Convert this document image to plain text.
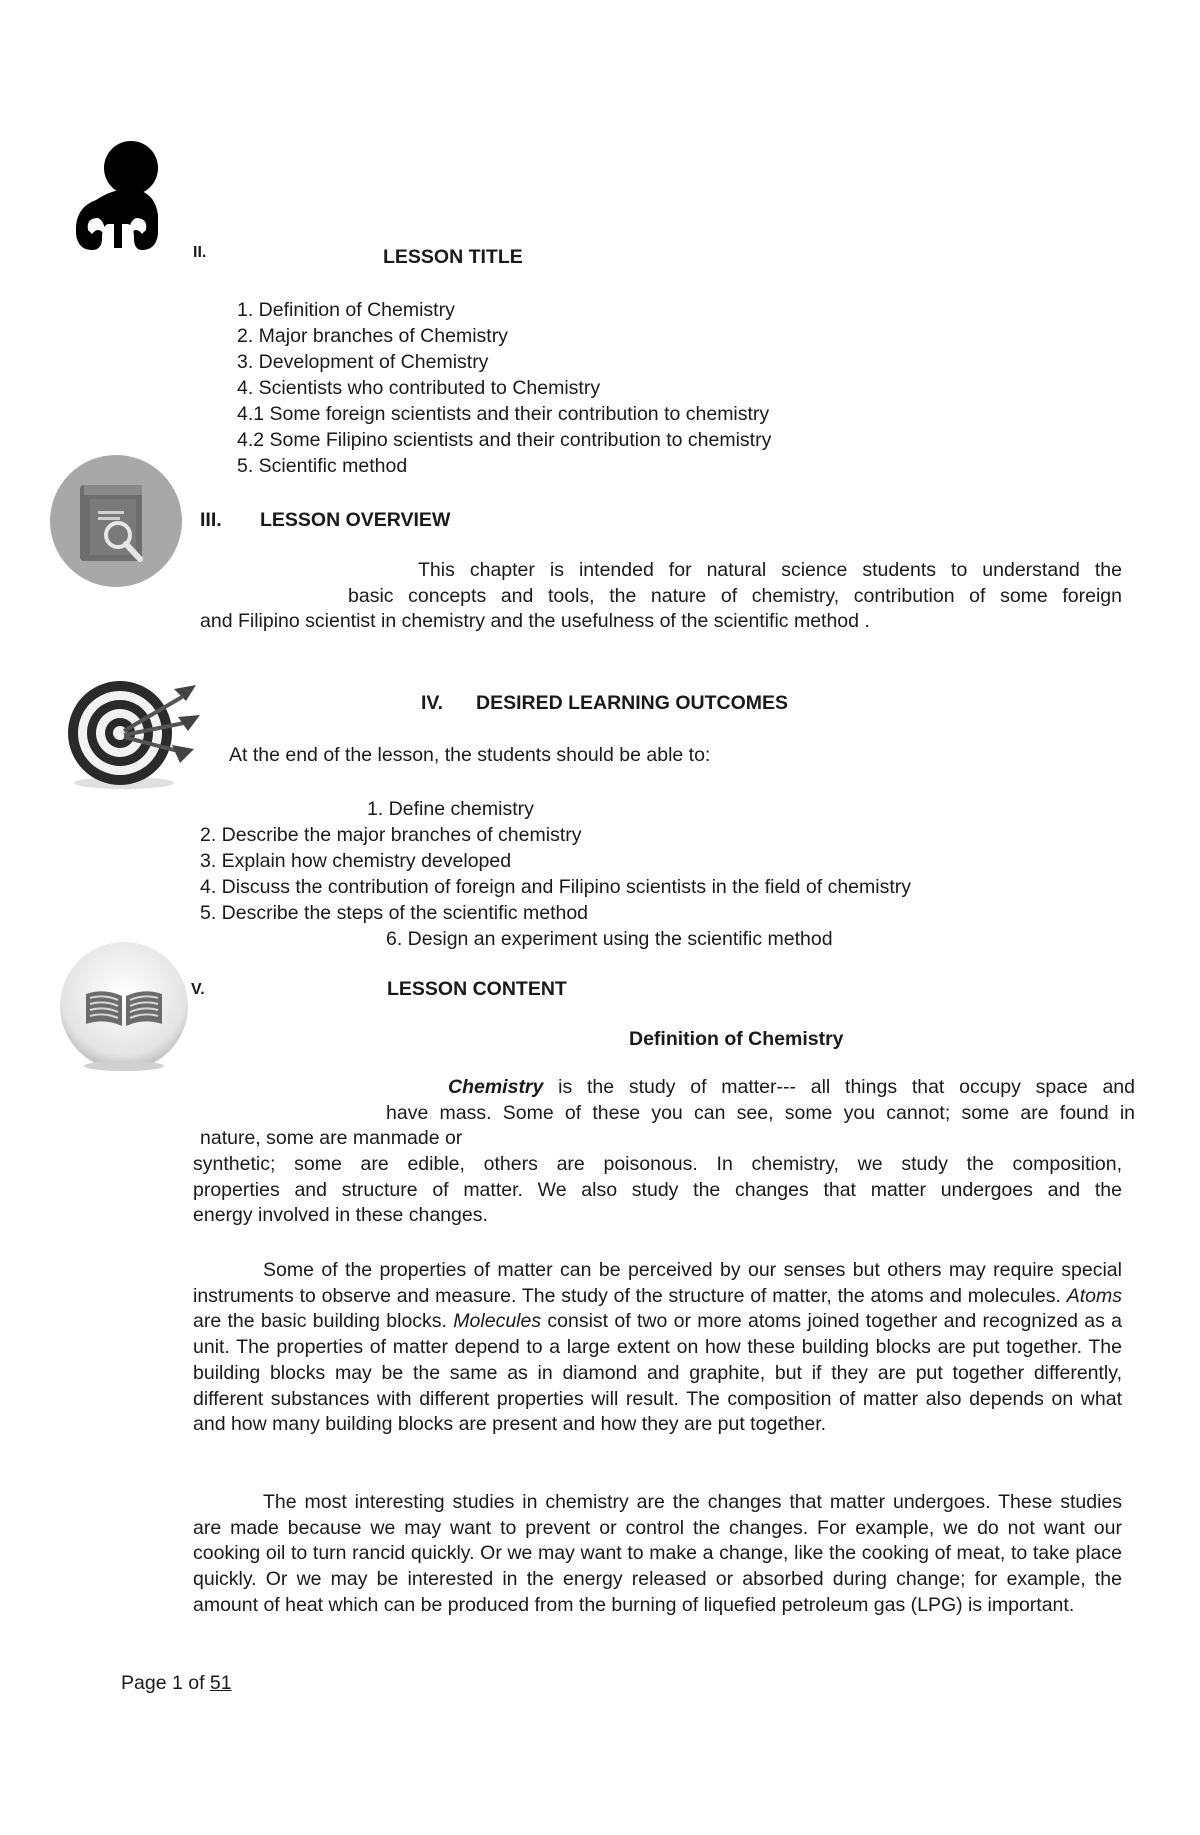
II.	LESSON TITLE
1. Definition of Chemistry
2. Major branches of Chemistry
3. Development of Chemistry
4. Scientists who contributed to Chemistry
4.1 Some foreign scientists and their contribution to chemistry
4.2 Some Filipino scientists and their contribution to chemistry
5. Scientific method
III. LESSON OVERVIEW
This chapter is intended for natural science students to understand the
basic concepts and tools, the nature of chemistry, contribution of some foreign
and Filipino scientist in chemistry and the usefulness of the scientific method .
IV. DESIRED LEARNING OUTCOMES
At the end of the lesson, the students should be able to:
1. Define chemistry
2. Describe the major branches of chemistry
3. Explain how chemistry developed
4. Discuss the contribution of foreign and Filipino scientists in the field of chemistry
5. Describe the steps of the scientific method
6. Design an experiment using the scientific method
V.	LESSON CONTENT
Definition of Chemistry
Chemistry is the study of matter--- all things that occupy space and
have mass. Some of these you can see, some you cannot; some are found in
nature, some are manmade or
synthetic; some are edible, others are poisonous. In chemistry, we study the composition,
properties and structure of matter. We also study the changes that matter undergoes and the
energy involved in these changes.
Some of the properties of matter can be perceived by our senses but others may require special instruments to observe and measure. The study of the structure of matter, the atoms and molecules. Atoms are the basic building blocks. Molecules consist of two or more atoms joined together and recognized as a unit. The properties of matter depend to a large extent on how these building blocks are put together. The building blocks may be the same as in diamond and graphite, but if they are put together differently, different substances with different properties will result. The composition of matter also depends on what and how many building blocks are present and how they are put together.
The most interesting studies in chemistry are the changes that matter undergoes. These studies are made because we may want to prevent or control the changes. For example, we do not want our cooking oil to turn rancid quickly. Or we may want to make a change, like the cooking of meat, to take place quickly. Or we may be interested in the energy released or absorbed during change; for example, the amount of heat which can be produced from the burning of liquefied petroleum gas (LPG) is important.
Page 1 of 51
